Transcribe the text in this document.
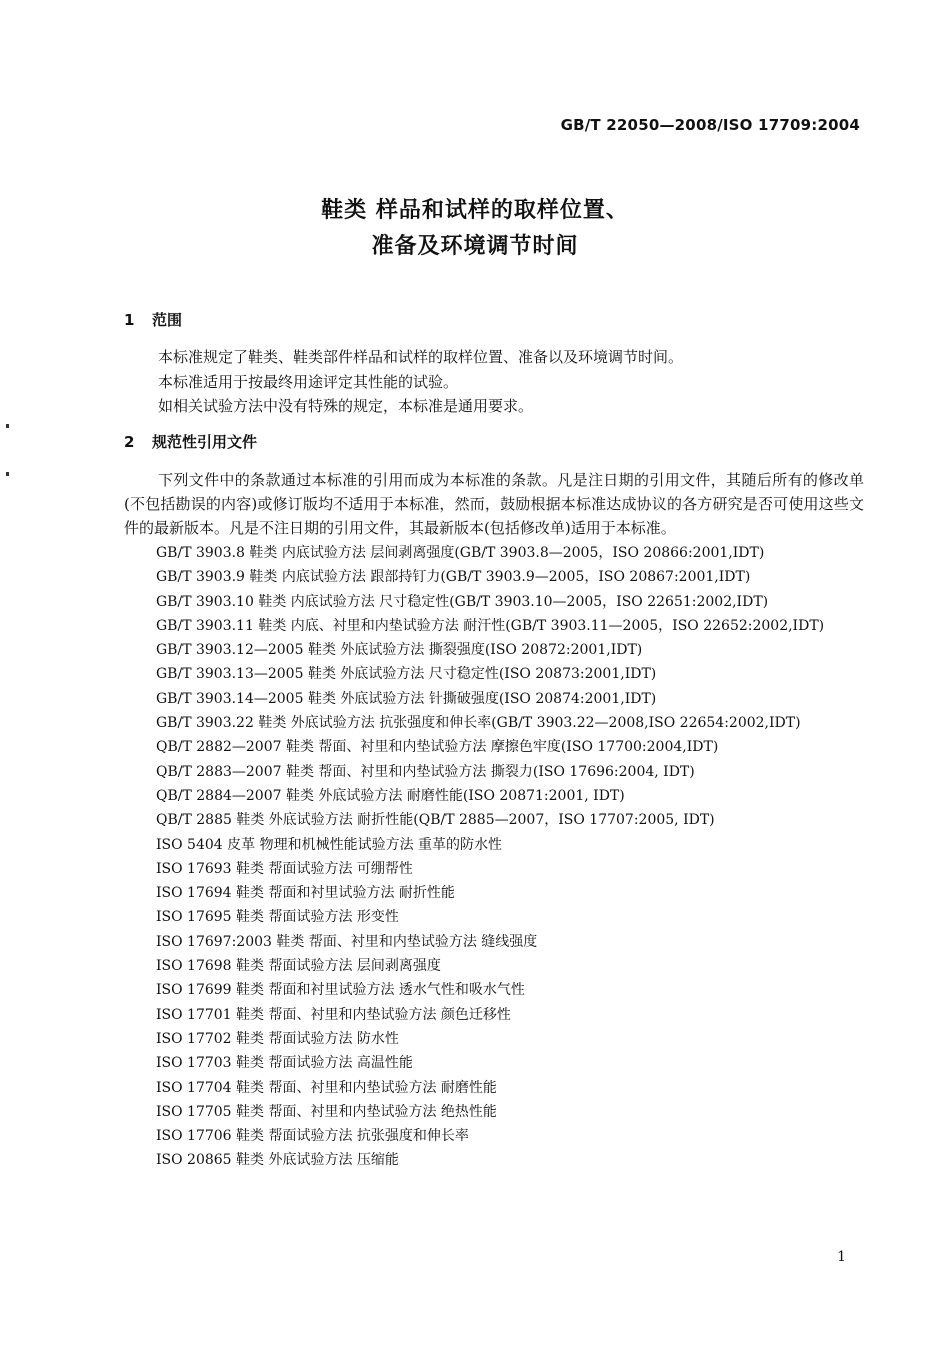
GB/T 22050—2008/ISO 17709:2004
鞋类 样品和试样的取样位置、
准备及环境调节时间
1 范围
本标准规定了鞋类、鞋类部件样品和试样的取样位置、准备以及环境调节时间。
本标准适用于按最终用途评定其性能的试验。
如相关试验方法中没有特殊的规定，本标准是通用要求。
2 规范性引用文件
下列文件中的条款通过本标准的引用而成为本标准的条款。凡是注日期的引用文件，其随后所有的修改单(不包括勘误的内容)或修订版均不适用于本标准，然而，鼓励根据本标准达成协议的各方研究是否可使用这些文件的最新版本。凡是不注日期的引用文件，其最新版本(包括修改单)适用于本标准。
GB/T 3903.8 鞋类 内底试验方法 层间剥离强度(GB/T 3903.8—2005，ISO 20866:2001,IDT)
GB/T 3903.9 鞋类 内底试验方法 跟部持钉力(GB/T 3903.9—2005，ISO 20867:2001,IDT)
GB/T 3903.10 鞋类 内底试验方法 尺寸稳定性(GB/T 3903.10—2005，ISO 22651:2002,IDT)
GB/T 3903.11 鞋类 内底、衬里和内垫试验方法 耐汗性(GB/T 3903.11—2005，ISO 22652:2002,IDT)
GB/T 3903.12—2005 鞋类 外底试验方法 撕裂强度(ISO 20872:2001,IDT)
GB/T 3903.13—2005 鞋类 外底试验方法 尺寸稳定性(ISO 20873:2001,IDT)
GB/T 3903.14—2005 鞋类 外底试验方法 针撕破强度(ISO 20874:2001,IDT)
GB/T 3903.22 鞋类 外底试验方法 抗张强度和伸长率(GB/T 3903.22—2008,ISO 22654:2002,IDT)
QB/T 2882—2007 鞋类 帮面、衬里和内垫试验方法 摩擦色牢度(ISO 17700:2004,IDT)
QB/T 2883—2007 鞋类 帮面、衬里和内垫试验方法 撕裂力(ISO 17696:2004, IDT)
QB/T 2884—2007 鞋类 外底试验方法 耐磨性能(ISO 20871:2001, IDT)
QB/T 2885 鞋类 外底试验方法 耐折性能(QB/T 2885—2007，ISO 17707:2005, IDT)
ISO 5404 皮革 物理和机械性能试验方法 重革的防水性
ISO 17693 鞋类 帮面试验方法 可绷帮性
ISO 17694 鞋类 帮面和衬里试验方法 耐折性能
ISO 17695 鞋类 帮面试验方法 形变性
ISO 17697:2003 鞋类 帮面、衬里和内垫试验方法 缝线强度
ISO 17698 鞋类 帮面试验方法 层间剥离强度
ISO 17699 鞋类 帮面和衬里试验方法 透水气性和吸水气性
ISO 17701 鞋类 帮面、衬里和内垫试验方法 颜色迁移性
ISO 17702 鞋类 帮面试验方法 防水性
ISO 17703 鞋类 帮面试验方法 高温性能
ISO 17704 鞋类 帮面、衬里和内垫试验方法 耐磨性能
ISO 17705 鞋类 帮面、衬里和内垫试验方法 绝热性能
ISO 17706 鞋类 帮面试验方法 抗张强度和伸长率
ISO 20865 鞋类 外底试验方法 压缩能
1
